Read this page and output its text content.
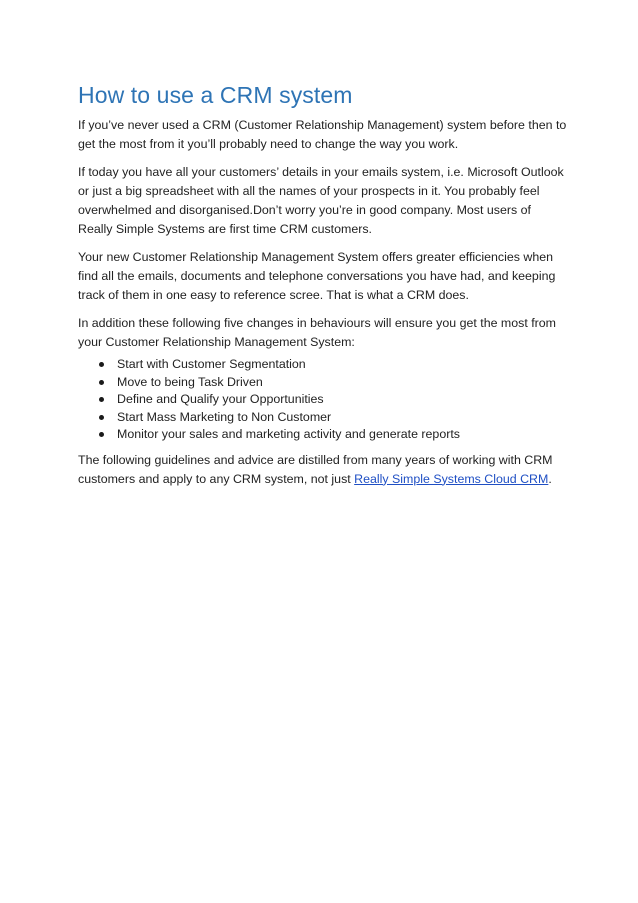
How to use a CRM system

If you’ve never used a CRM (Customer Relationship Management) system before then to get the most from it you’ll probably need to change the way you work.

If today you have all your customers’ details in your emails system, i.e. Microsoft Outlook or just a big spreadsheet with all the names of your prospects in it. You probably feel overwhelmed and disorganised.Don’t worry you’re in good company. Most users of Really Simple Systems are first time CRM customers.

Your new Customer Relationship Management System offers greater efficiencies when find all the emails, documents and telephone conversations you have had, and keeping track of them in one easy to reference scree. That is what a CRM does.

In addition these following five changes in behaviours will ensure you get the most from your Customer Relationship Management System:

Start with Customer Segmentation
Move to being Task Driven
Define and Qualify your Opportunities
Start Mass Marketing to Non Customer
Monitor your sales and marketing activity and generate reports

The following guidelines and advice are distilled from many years of working with CRM customers and apply to any CRM system, not just Really Simple Systems Cloud CRM.
